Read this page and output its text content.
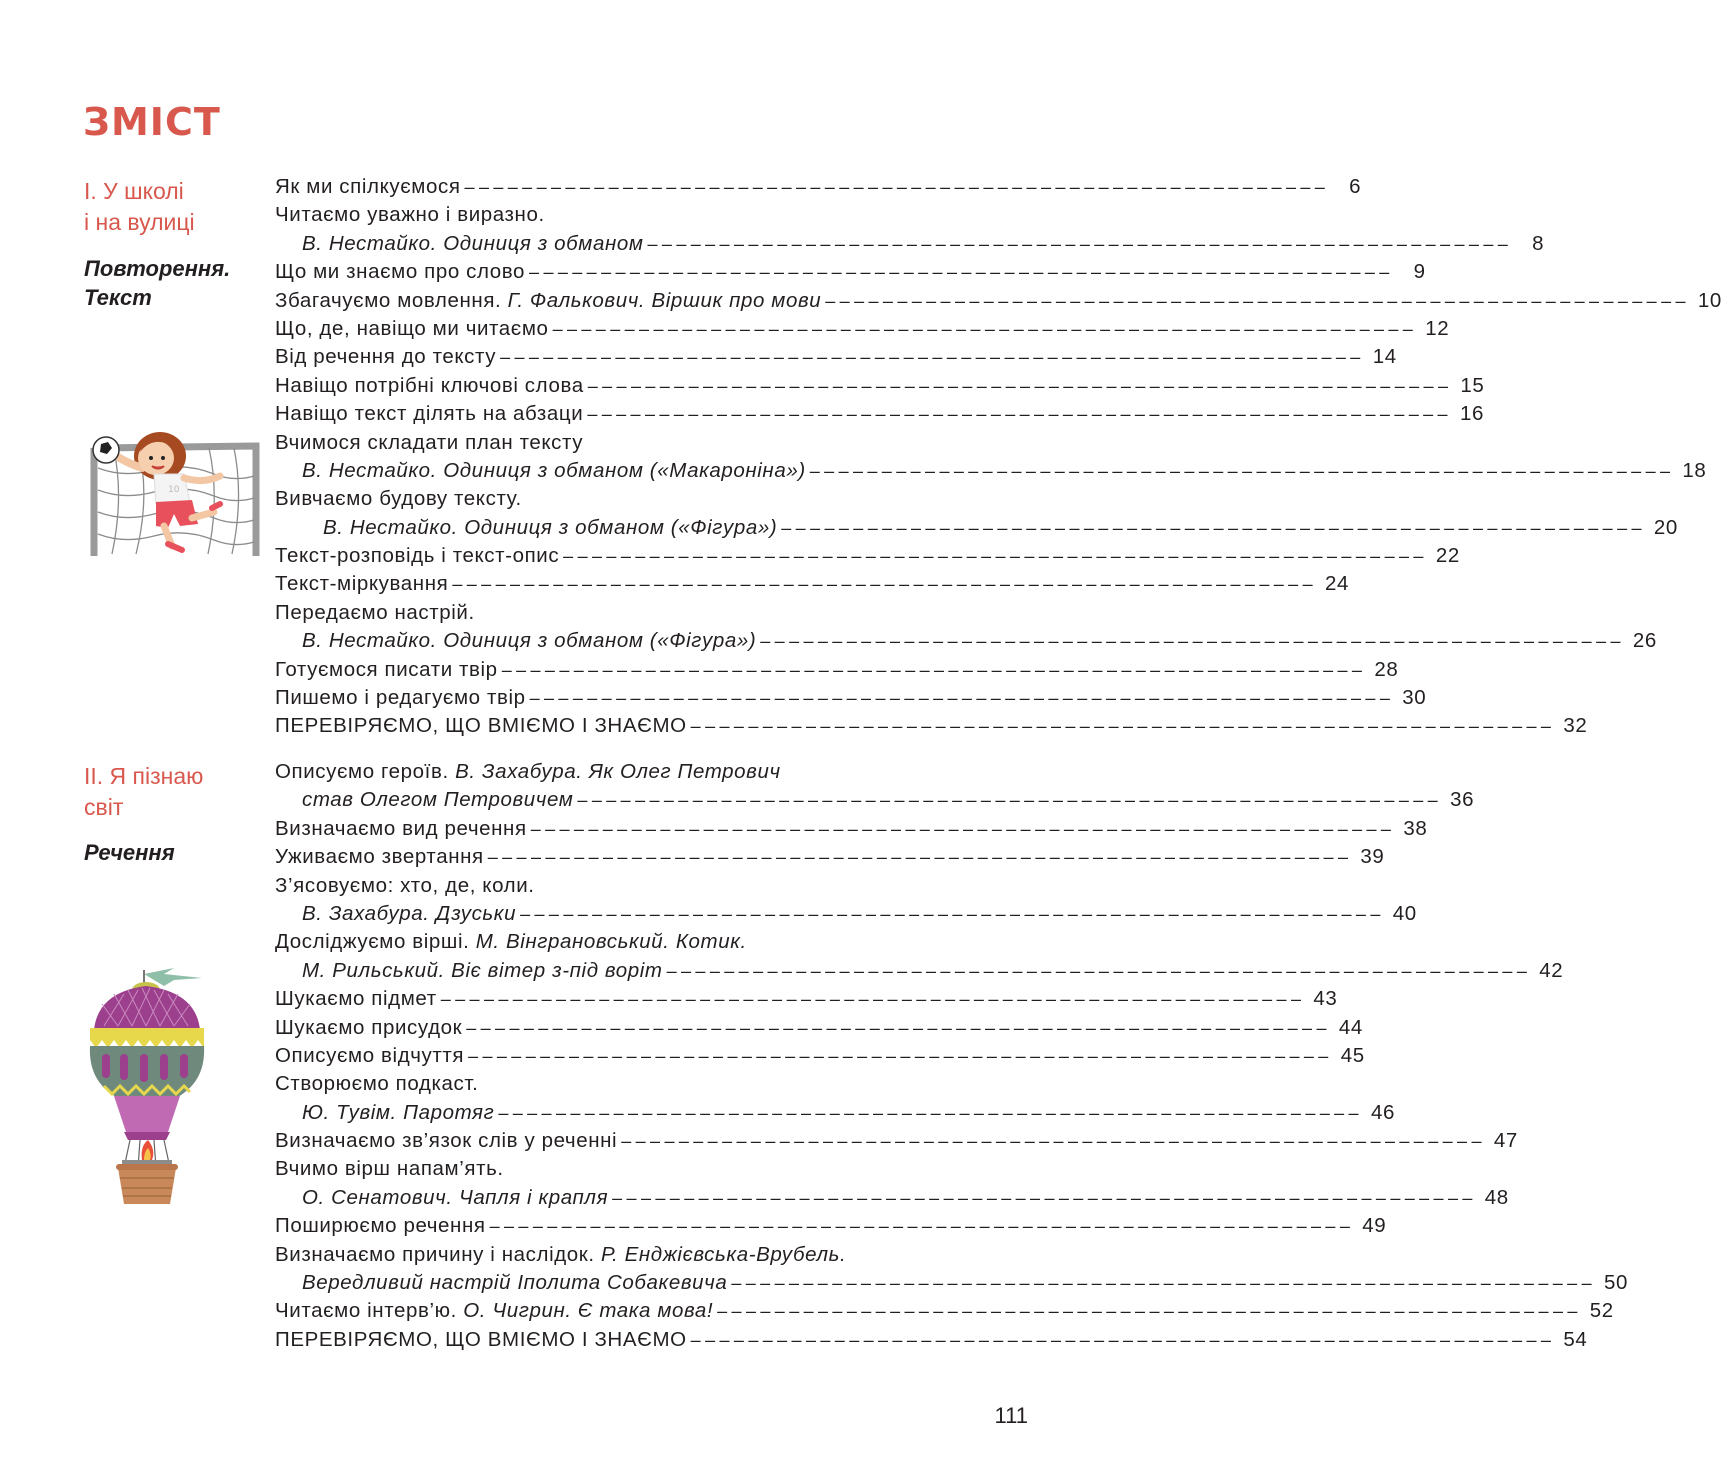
ЗМІСТ
I. У школі
і на вулиці
Повторення.
Текст
10
Як ми спілкуємося –––––––––––––––––––––––––––––––––––––––––––––––––––––––––––– 6
Читаємо уважно і виразно.
В. Нестайко. Одиниця з обманом –––––––––––––––––––––––––––––––––––––––––––––––––––––––––––– 8
Що ми знаємо про слово –––––––––––––––––––––––––––––––––––––––––––––––––––––––––––– 9
Збагачуємо мовлення. Г. Фалькович. Віршик про мови –––––––––––––––––––––––––––––––––––––––––––––––––––––––––––– 10
Що, де, навіщо ми читаємо –––––––––––––––––––––––––––––––––––––––––––––––––––––––––––– 12
Від речення до тексту –––––––––––––––––––––––––––––––––––––––––––––––––––––––––––– 14
Навіщо потрібні ключові слова –––––––––––––––––––––––––––––––––––––––––––––––––––––––––––– 15
Навіщо текст ділять на абзаци –––––––––––––––––––––––––––––––––––––––––––––––––––––––––––– 16
Вчимося складати план тексту
В. Нестайко. Одиниця з обманом («Макароніна») –––––––––––––––––––––––––––––––––––––––––––––––––––––––––––– 18
Вивчаємо будову тексту.
В. Нестайко. Одиниця з обманом («Фігура») –––––––––––––––––––––––––––––––––––––––––––––––––––––––––––– 20
Текст-розповідь і текст-опис –––––––––––––––––––––––––––––––––––––––––––––––––––––––––––– 22
Текст-міркування –––––––––––––––––––––––––––––––––––––––––––––––––––––––––––– 24
Передаємо настрій.
В. Нестайко. Одиниця з обманом («Фігура») –––––––––––––––––––––––––––––––––––––––––––––––––––––––––––– 26
Готуємося писати твір –––––––––––––––––––––––––––––––––––––––––––––––––––––––––––– 28
Пишемо і редагуємо твір –––––––––––––––––––––––––––––––––––––––––––––––––––––––––––– 30
ПЕРЕВІРЯЄМО, ЩО ВМІЄМО І ЗНАЄМО –––––––––––––––––––––––––––––––––––––––––––––––––––––––––––– 32
II. Я пізнаю
світ
Речення
Описуємо героїв. В. Захабура. Як Олег Петрович
став Олегом Петровичем –––––––––––––––––––––––––––––––––––––––––––––––––––––––––––– 36
Визначаємо вид речення –––––––––––––––––––––––––––––––––––––––––––––––––––––––––––– 38
Уживаємо звертання –––––––––––––––––––––––––––––––––––––––––––––––––––––––––––– 39
З’ясовуємо: хто, де, коли.
В. Захабура. Дзуськи –––––––––––––––––––––––––––––––––––––––––––––––––––––––––––– 40
Досліджуємо вірші. М. Вінграновський. Котик.
М. Рильський. Віє вітер з-під воріт –––––––––––––––––––––––––––––––––––––––––––––––––––––––––––– 42
Шукаємо підмет –––––––––––––––––––––––––––––––––––––––––––––––––––––––––––– 43
Шукаємо присудок –––––––––––––––––––––––––––––––––––––––––––––––––––––––––––– 44
Описуємо відчуття –––––––––––––––––––––––––––––––––––––––––––––––––––––––––––– 45
Створюємо подкаст.
Ю. Тувім. Паротяг –––––––––––––––––––––––––––––––––––––––––––––––––––––––––––– 46
Визначаємо зв’язок слів у реченні –––––––––––––––––––––––––––––––––––––––––––––––––––––––––––– 47
Вчимо вірш напам’ять.
О. Сенатович. Чапля і крапля –––––––––––––––––––––––––––––––––––––––––––––––––––––––––––– 48
Поширюємо речення –––––––––––––––––––––––––––––––––––––––––––––––––––––––––––– 49
Визначаємо причину і наслідок. Р. Енджієвська-Врубель.
Вередливий настрій Іполита Собакевича –––––––––––––––––––––––––––––––––––––––––––––––––––––––––––– 50
Читаємо інтерв’ю. О. Чигрин. Є така мова! –––––––––––––––––––––––––––––––––––––––––––––––––––––––––––– 52
ПЕРЕВІРЯЄМО, ЩО ВМІЄМО І ЗНАЄМО –––––––––––––––––––––––––––––––––––––––––––––––––––––––––––– 54
111
